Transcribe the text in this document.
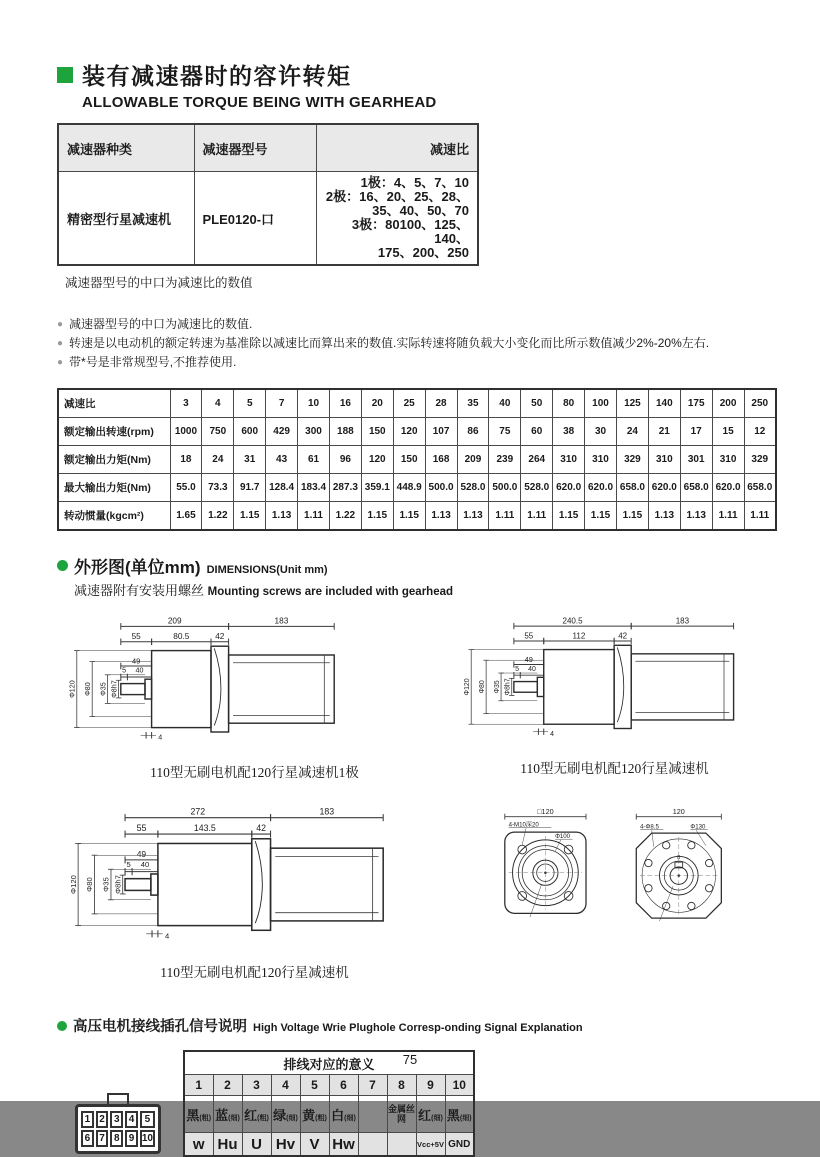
装有减速器时的容许转矩
ALLOWABLE TORQUE BEING WITH GEARHEAD
减速器种类	减速器型号	减速比
精密型行星减速机	PLE0120-口	1极：4、5、7、10
2极：16、20、25、28、
35、40、50、70
3极：80100、125、140、
175、200、250
减速器型号的中口为减速比的数值
● 减速器型号的中口为减速比的数值.
● 转速是以电动机的额定转速为基准除以减速比而算出来的数值.实际转速将随负载大小变化而比所示数值减少2%-20%左右.
● 带*号是非常规型号,不推荐使用.
减速比	3	4	5	7	10	16	20	25	28	35	40	50	80	100	125	140	175	200	250
额定输出转速(rpm)	1000	750	600	429	300	188	150	120	107	86	75	60	38	30	24	21	17	15	12
额定输出力矩(Nm)	18	24	31	43	61	96	120	150	168	209	239	264	310	310	329	310	301	310	329
最大输出力矩(Nm)	55.0	73.3	91.7	128.4	183.4	287.3	359.1	448.9	500.0	528.0	500.0	528.0	620.0	620.0	658.0	620.0	658.0	620.0	658.0
转动惯量(kgcm²)	1.65	1.22	1.15	1.13	1.11	1.22	1.15	1.15	1.13	1.13	1.11	1.11	1.15	1.15	1.15	1.13	1.13	1.11	1.11
外形图(单位mm) DIMENSIONS(Unit mm)
减速器附有安装用螺丝 Mounting screws are included with gearhead
209	183
55	80.5	42
49
5 40
Φ120 Φ80 Φ35 Φ8h7
4
110型无刷电机配120行星减速机1极
240.5	183
55	112	42
49
5 40
Φ120 Φ80 Φ35 Φ8h7
4
110型无刷电机配120行星减速机
272	183
55	143.5	42
49
5 40
Φ120 Φ80 Φ35 Φ8h7
4
110型无刷电机配120行星减速机
□120
4-M10深20
Φ100
120
4-Φ8.5	Φ130
8
高压电机接线插孔信号说明 High Voltage Wrie Plughole Corresp-onding Signal Explanation
1 2 3 4	5
6 7 8 9 10
排线对应的意义									
1	2	3	4	5	6	7	8	9	10
黑(粗)	蓝(细)	红(粗)	绿(细)	黄(粗)	白(细)		金属丝网	红(细)	黑(细)
w	Hu	U	Hv	V	Hw			Vcc+5V	GND
75
